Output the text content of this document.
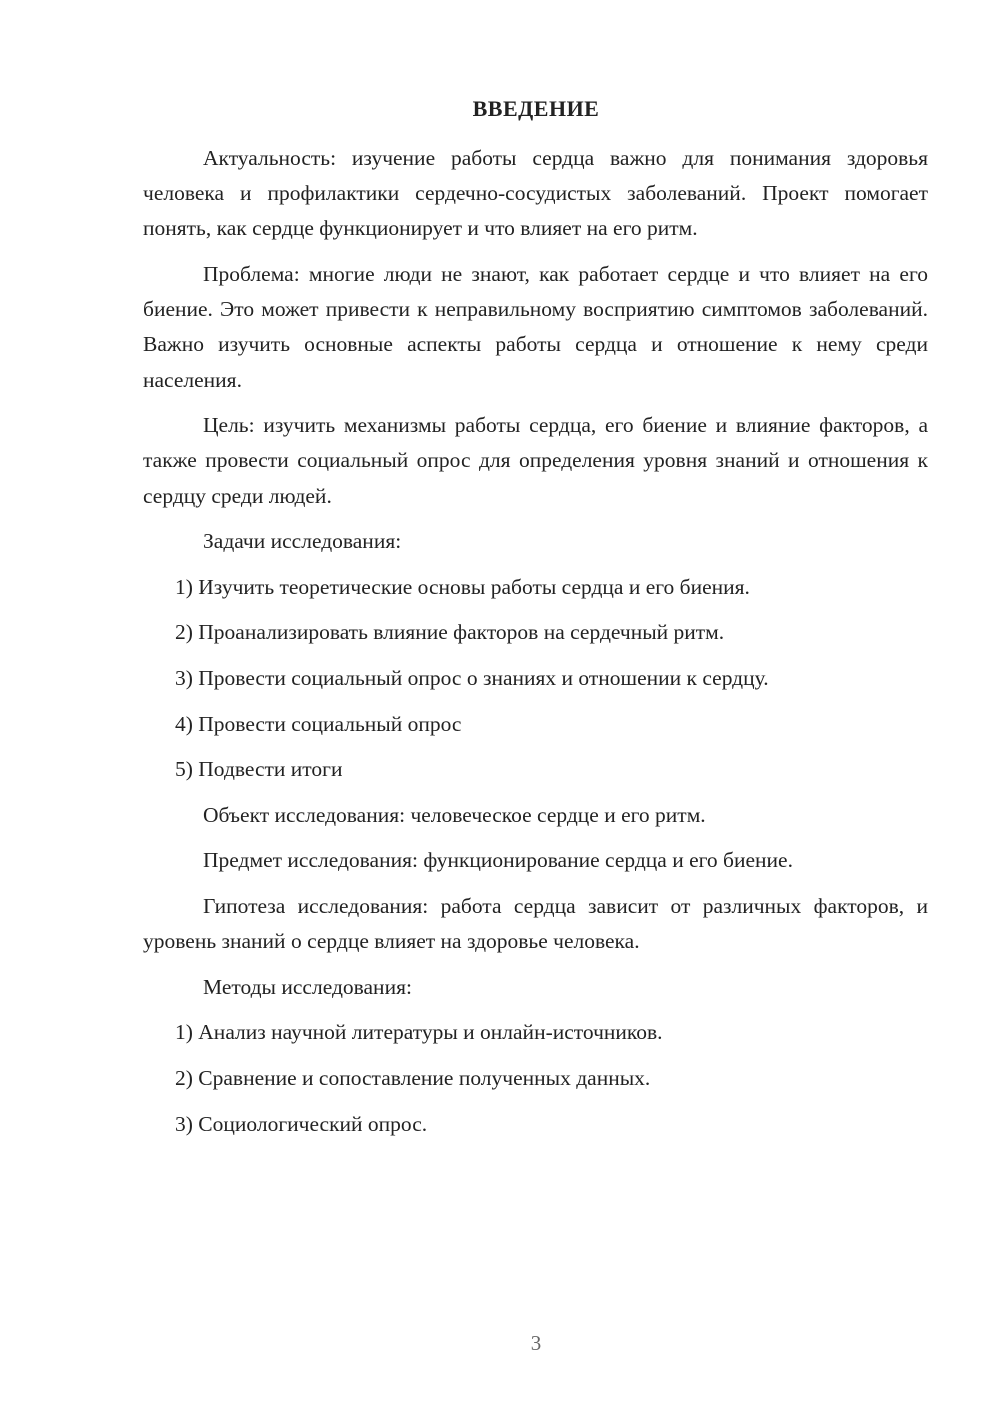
ВВЕДЕНИЕ

Актуальность: изучение работы сердца важно для понимания здоровья человека и профилактики сердечно-сосудистых заболеваний. Проект помогает понять, как сердце функционирует и что влияет на его ритм.

Проблема: многие люди не знают, как работает сердце и что влияет на его биение. Это может привести к неправильному восприятию симптомов заболеваний. Важно изучить основные аспекты работы сердца и отношение к нему среди населения.

Цель: изучить механизмы работы сердца, его биение и влияние факторов, а также провести социальный опрос для определения уровня знаний и отношения к сердцу среди людей.

Задачи исследования:

1) Изучить теоретические основы работы сердца и его биения.
2) Проанализировать влияние факторов на сердечный ритм.
3) Провести социальный опрос о знаниях и отношении к сердцу.
4) Провести социальный опрос
5) Подвести итоги

Объект исследования: человеческое сердце и его ритм.

Предмет исследования: функционирование сердца и его биение.

Гипотеза исследования: работа сердца зависит от различных факторов, и уровень знаний о сердце влияет на здоровье человека.

Методы исследования:

1) Анализ научной литературы и онлайн-источников.
2) Сравнение и сопоставление полученных данных.
3) Социологический опрос.
3
